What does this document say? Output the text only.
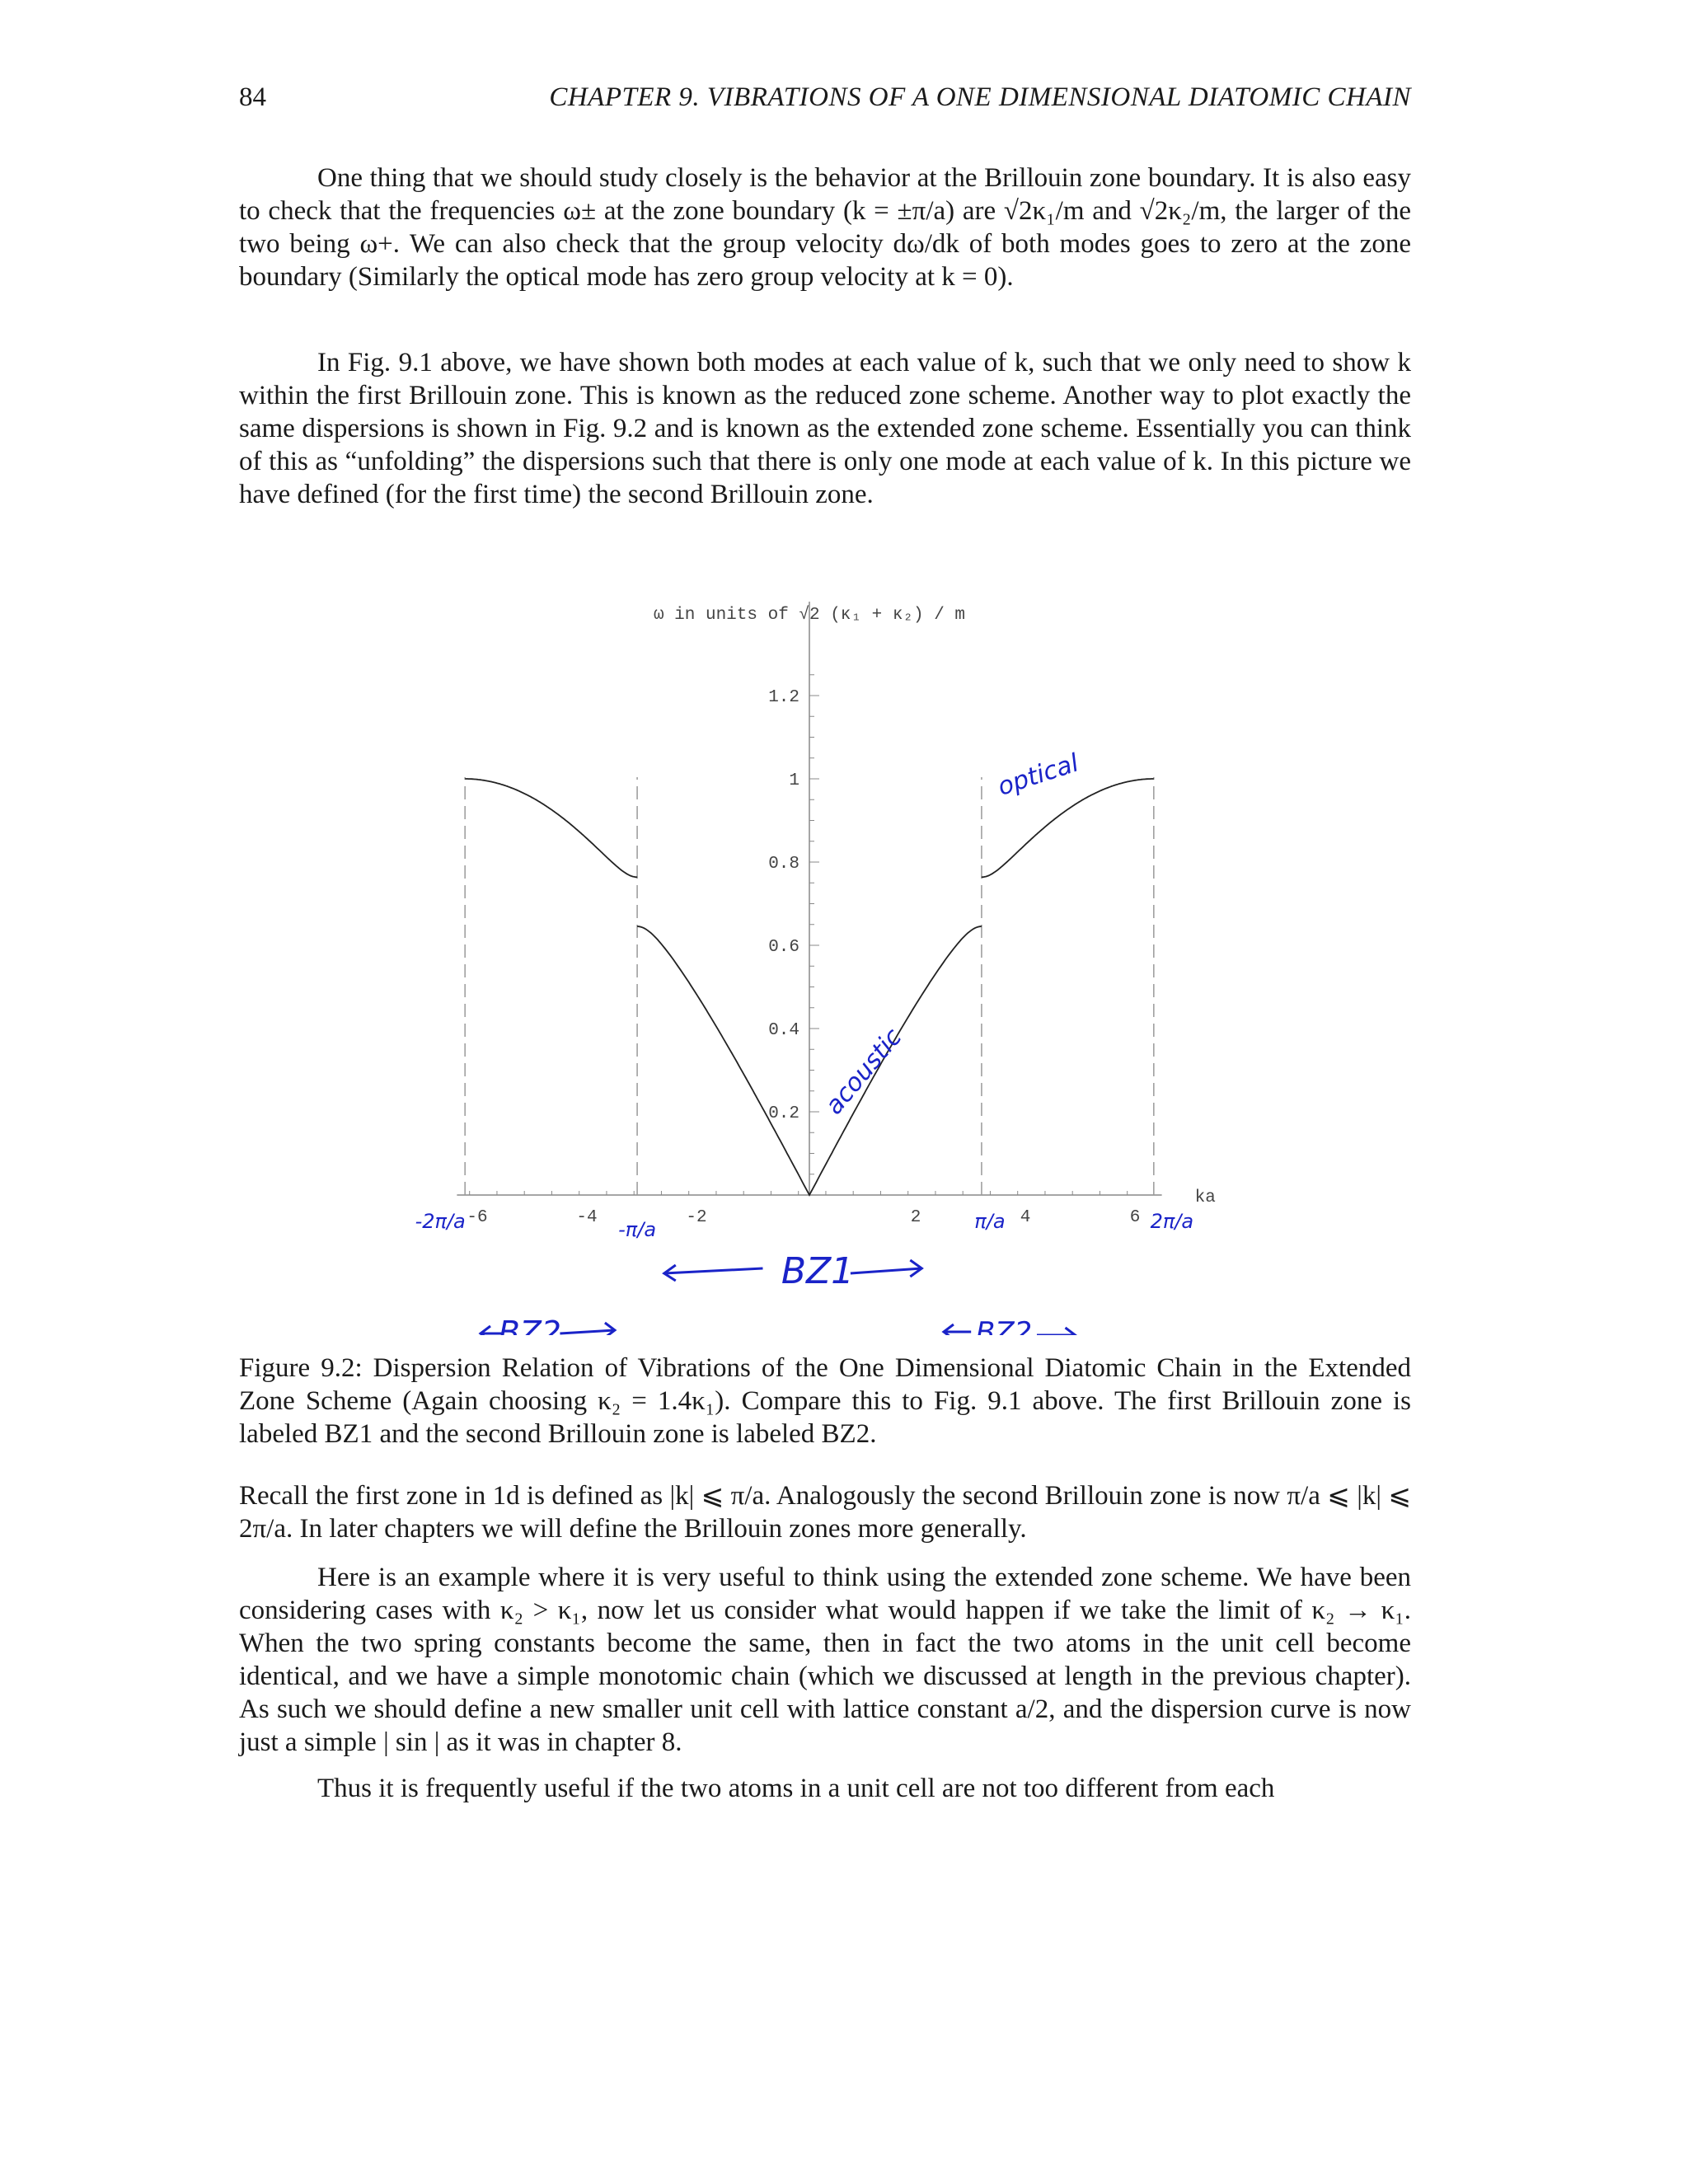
84	CHAPTER 9. VIBRATIONS OF A ONE DIMENSIONAL DIATOMIC CHAIN

One thing that we should study closely is the behavior at the Brillouin zone boundary. It is also easy to check that the frequencies ω± at the zone boundary (k = ±π/a) are √2κ₁/m and √2κ₂/m, the larger of the two being ω+. We can also check that the group velocity dω/dk of both modes goes to zero at the zone boundary (Similarly the optical mode has zero group velocity at k = 0).

In Fig. 9.1 above, we have shown both modes at each value of k, such that we only need to show k within the first Brillouin zone. This is known as the reduced zone scheme. Another way to plot exactly the same dispersions is shown in Fig. 9.2 and is known as the extended zone scheme. Essentially you can think of this as “unfolding” the dispersions such that there is only one mode at each value of k. In this picture we have defined (for the first time) the second Brillouin zone.

-6	-4	-2	2	4	6
0.2
0.4
0.6
0.8
1
1.2
ω in units of √2 (κ₁ + κ₂) / m
ka
optical
acoustic
-2π/a	-π/a	π/a	2π/a
BZ1
BZ2	BZ2

Figure 9.2: Dispersion Relation of Vibrations of the One Dimensional Diatomic Chain in the Extended Zone Scheme (Again choosing κ₂ = 1.4κ₁). Compare this to Fig. 9.1 above. The first Brillouin zone is labeled BZ1 and the second Brillouin zone is labeled BZ2.

Recall the first zone in 1d is defined as |k| ⩽ π/a. Analogously the second Brillouin zone is now π/a ⩽ |k| ⩽ 2π/a. In later chapters we will define the Brillouin zones more generally.

Here is an example where it is very useful to think using the extended zone scheme. We have been considering cases with κ₂ > κ₁, now let us consider what would happen if we take the limit of κ₂ → κ₁. When the two spring constants become the same, then in fact the two atoms in the unit cell become identical, and we have a simple monotomic chain (which we discussed at length in the previous chapter). As such we should define a new smaller unit cell with lattice constant a/2, and the dispersion curve is now just a simple | sin | as it was in chapter 8.

Thus it is frequently useful if the two atoms in a unit cell are not too different from each
